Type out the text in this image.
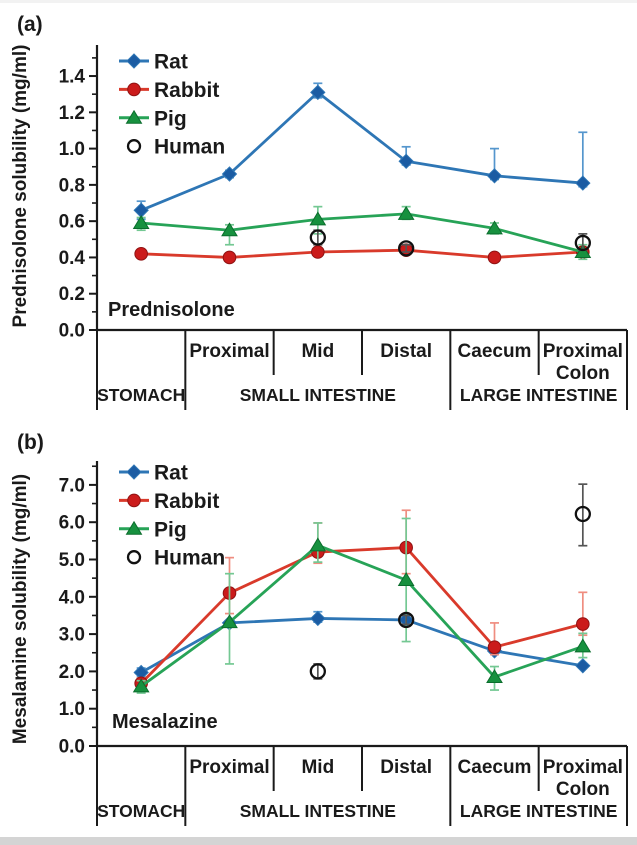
(a)
Prednisolone solubility (mg/ml)	Prednisolone
(b)
Mesalamine solubility (mg/ml)	Mesalazine
0.0
0.2
0.4
0.6
0.8
1.0
1.2
1.4
Proximal Mid Distal Caecum Proximal
Colon
STOMACH	SMALL INTESTINE	LARGE INTESTINE
Rat
Rabbit
Pig
Human
0.0
1.0
2.0
3.0
4.0
5.0
6.0
7.0
Proximal Mid Distal Caecum Proximal
Colon
STOMACH	SMALL INTESTINE	LARGE INTESTINE
Rat
Rabbit
Pig
Human
